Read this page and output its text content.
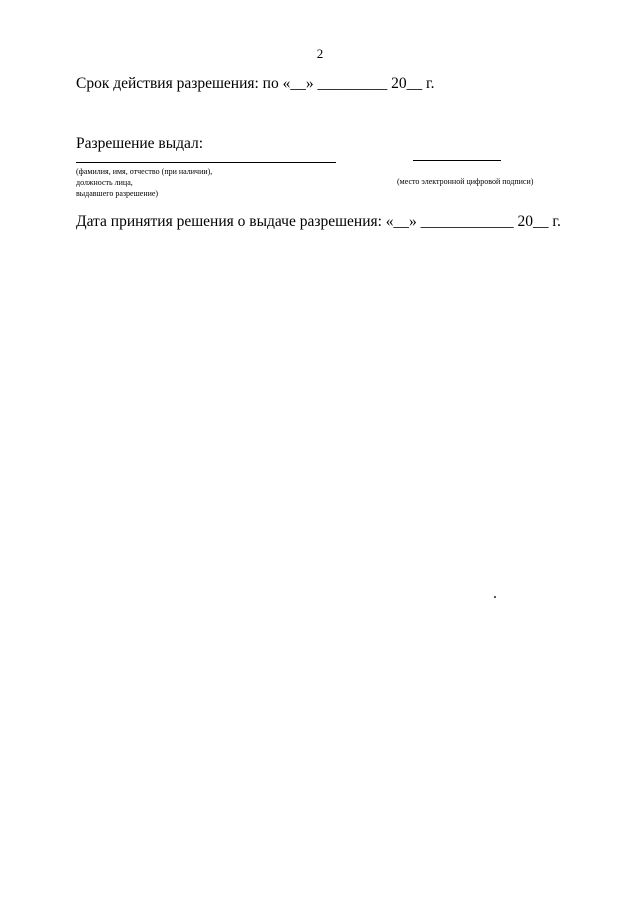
2
Срок действия разрешения: по «__» _________ 20__ г.
Разрешение выдал:
(фамилия, имя, отчество (при наличии),
должность лица,
выдавшего разрешение)
(место электронной цифровой подписи)
Дата принятия решения о выдаче разрешения: «__» ____________ 20__ г.
